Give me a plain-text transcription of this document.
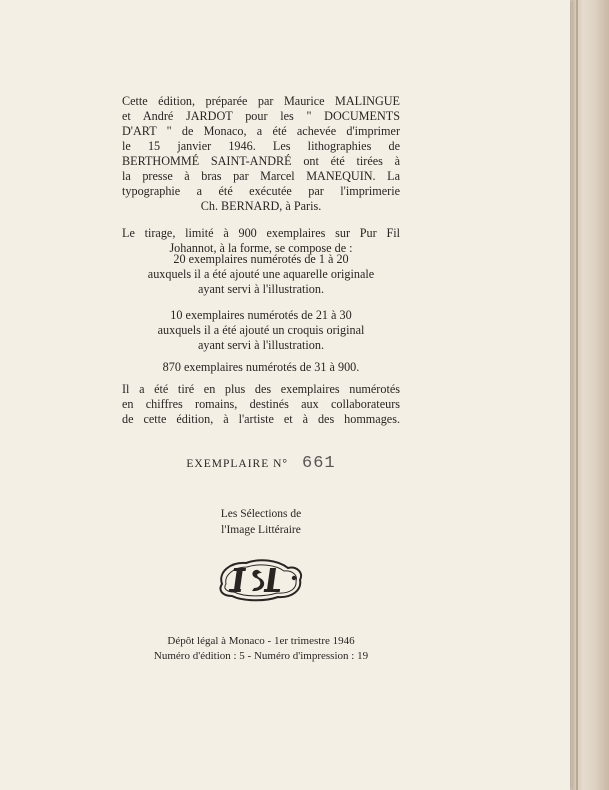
Cette édition, préparée par Maurice MALINGUE

et André JARDOT pour les " DOCUMENTS

D'ART " de Monaco, a été achevée d'imprimer

le 15 janvier 1946. Les lithographies de

BERTHOMMÉ SAINT-ANDRÉ ont été tirées à

la presse à bras par Marcel MANEQUIN. La

typographie a été exécutée par l'imprimerie

Ch. BERNARD, à Paris.

Le tirage, limité à 900 exemplaires sur Pur Fil

Johannot, à la forme, se compose de :

20 exemplaires numérotés de 1 à 20

auxquels il a été ajouté une aquarelle originale

ayant servi à l'illustration.

10 exemplaires numérotés de 21 à 30

auxquels il a été ajouté un croquis original

ayant servi à l'illustration.

870 exemplaires numérotés de 31 à 900.

Il a été tiré en plus des exemplaires numérotés

en chiffres romains, destinés aux collaborateurs

de cette édition, à l'artiste et à des hommages.

EXEMPLAIRE N° 661
Les Sélections de
l'Image Littéraire
Dépôt légal à Monaco - 1er trimestre 1946
Numéro d'édition : 5 - Numéro d'impression : 19
